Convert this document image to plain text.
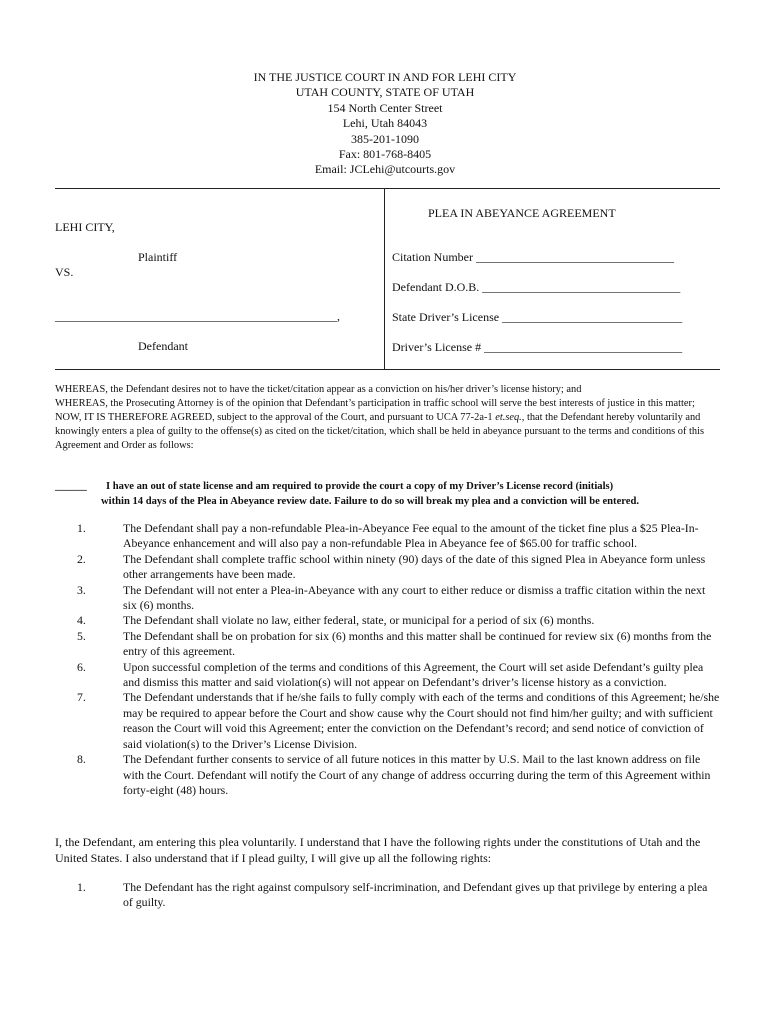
IN THE JUSTICE COURT IN AND FOR LEHI CITY
UTAH COUNTY, STATE OF UTAH
154 North Center Street
Lehi, Utah 84043
385-201-1090
Fax: 801-768-8405
Email: JCLehi@utcourts.gov
PLEA IN ABEYANCE AGREEMENT
LEHI CITY,
Plaintiff
VS.
_______________________________________________,
Defendant
Citation Number _________________________________
Defendant D.O.B. _________________________________
State Driver’s License ______________________________
Driver’s License # _________________________________

WHEREAS, the Defendant desires not to have the ticket/citation appear as a conviction on his/her driver’s license history; and

WHEREAS, the Prosecuting Attorney is of the opinion that Defendant’s participation in traffic school will serve the best interests of justice in this matter;

NOW, IT IS THEREFORE AGREED, subject to the approval of the Court, and pursuant to UCA 77-2a-1 et.seq., that the Defendant hereby voluntarily and knowingly enters a plea of guilty to the offense(s) as cited on the ticket/citation, which shall be held in abeyance pursuant to the terms and conditions of this Agreement and Order as follows:

______ I have an out of state license and am required to provide the court a copy of my Driver’s License record (initials)
within 14 days of the Plea in Abeyance review date. Failure to do so will break my plea and a conviction will be entered.
1.	The Defendant shall pay a non-refundable Plea-in-Abeyance Fee equal to the amount of the ticket fine plus a $25 Plea-In-Abeyance enhancement and will also pay a non-refundable Plea in Abeyance fee of $65.00 for traffic school.
2.	The Defendant shall complete traffic school within ninety (90) days of the date of this signed Plea in Abeyance form unless other arrangements have been made.
3.	The Defendant will not enter a Plea-in-Abeyance with any court to either reduce or dismiss a traffic citation within the next six (6) months.
4.	The Defendant shall violate no law, either federal, state, or municipal for a period of six (6) months.
5.	The Defendant shall be on probation for six (6) months and this matter shall be continued for review six (6) months from the entry of this agreement.
6.	Upon successful completion of the terms and conditions of this Agreement, the Court will set aside Defendant’s guilty plea and dismiss this matter and said violation(s) will not appear on Defendant’s driver’s license history as a conviction.
7.	The Defendant understands that if he/she fails to fully comply with each of the terms and conditions of this Agreement; he/she may be required to appear before the Court and show cause why the Court should not find him/her guilty; and with sufficient reason the Court will void this Agreement; enter the conviction on the Defendant’s record; and send notice of conviction of said violation(s) to the Driver’s License Division.
8.	The Defendant further consents to service of all future notices in this matter by U.S. Mail to the last known address on file with the Court. Defendant will notify the Court of any change of address occurring during the term of this Agreement within forty-eight (48) hours.

I, the Defendant, am entering this plea voluntarily. I understand that I have the following rights under the constitutions of Utah and the United States. I also understand that if I plead guilty, I will give up all the following rights:

1.	The Defendant has the right against compulsory self-incrimination, and Defendant gives up that privilege by entering a plea of guilty.
